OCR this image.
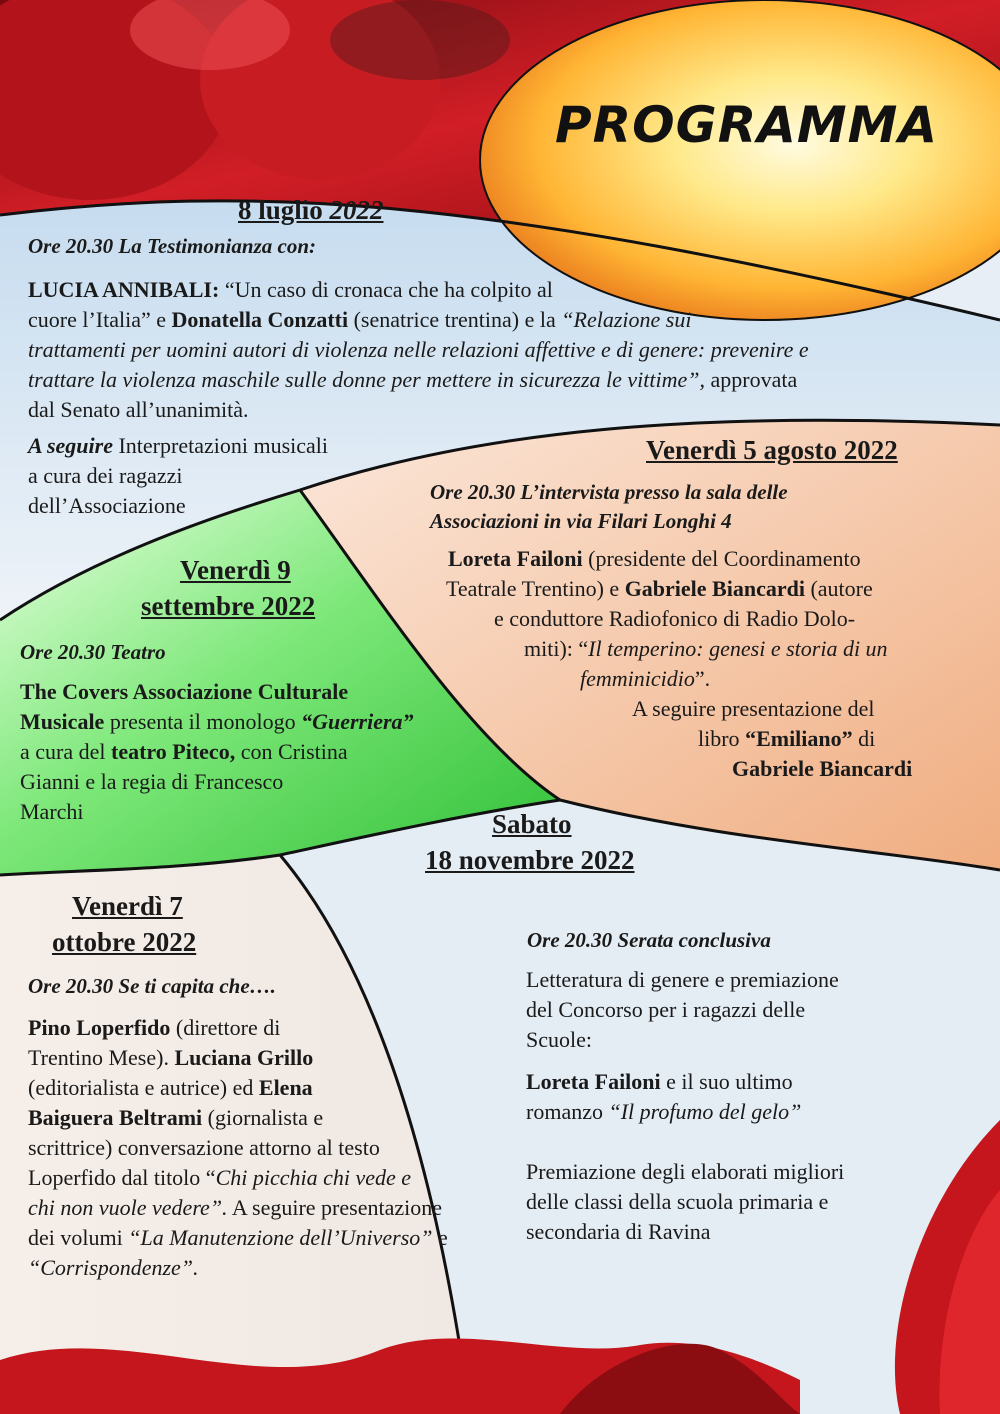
PROGRAMMA

8 luglio 2022

Ore 20.30 La Testimonianza con:

LUCIA ANNIBALI: “Un caso di cronaca che ha colpito al
cuore l’Italia” e Donatella Conzatti (senatrice trentina) e la “Relazione sui
trattamenti per uomini autori di violenza nelle relazioni affettive e di genere: prevenire e
trattare la violenza maschile sulle donne per mettere in sicurezza le vittime”, approvata
dal Senato all’unanimità.

A seguire Interpretazioni musicali
a cura dei ragazzi
dell’Associazione

Venerdì 5 agosto 2022

Ore 20.30 L’intervista presso la sala delle
Associazioni in via Filari Longhi 4

Loreta Failoni (presidente del Coordinamento
Teatrale Trentino) e Gabriele Biancardi (autore
e conduttore Radiofonico di Radio Dolo-
miti): “Il temperino: genesi e storia di un
femminicidio”.
A seguire presentazione del
libro “Emiliano” di
Gabriele Biancardi

Venerdì 9

settembre 2022

Ore 20.30 Teatro

The Covers Associazione Culturale
Musicale presenta il monologo “Guerriera”
a cura del teatro Piteco, con Cristina
Gianni e la regia di Francesco
Marchi	Sabato

18 novembre 2022

Ore 20.30 Serata conclusiva

Letteratura di genere e premiazione
del Concorso per i ragazzi delle
Scuole:

Loreta Failoni e il suo ultimo
romanzo “Il profumo del gelo”

Premiazione degli elaborati migliori
delle classi della scuola primaria e
secondaria di Ravina

Venerdì 7

ottobre 2022

Ore 20.30 Se ti capita che….

Pino Loperfido (direttore di
Trentino Mese). Luciana Grillo
(editorialista e autrice) ed Elena
Baiguera Beltrami (giornalista e
scrittrice) conversazione attorno al testo
Loperfido dal titolo “Chi picchia chi vede e
chi non vuole vedere”. A seguire presentazione
dei volumi “La Manutenzione dell’Universo” e
“Corrispondenze”.
